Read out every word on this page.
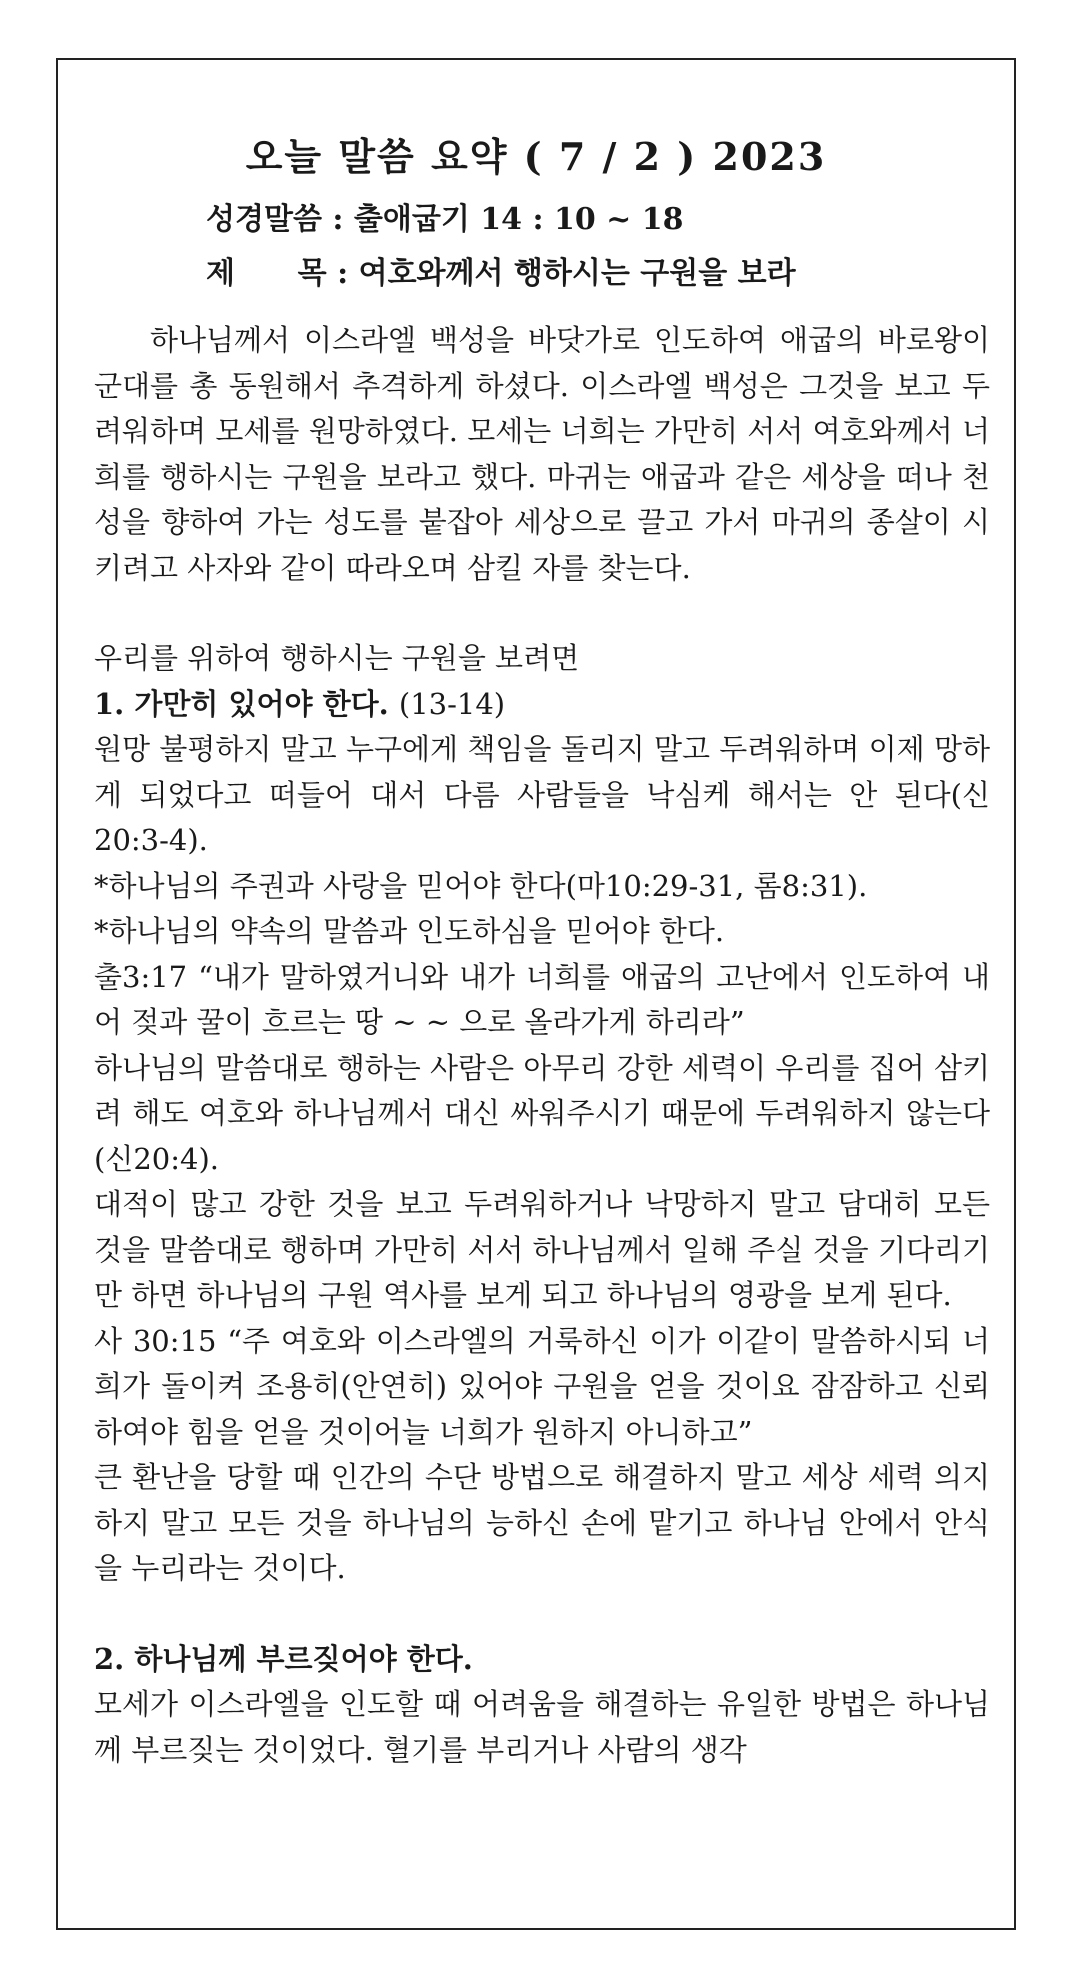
오늘 말씀 요약 ( 7 / 2 ) 2023
성경말씀 : 출애굽기 14 : 10 ~ 18
제      목 : 여호와께서 행하시는 구원을 보라

하나님께서 이스라엘 백성을 바닷가로 인도하여 애굽의 바로왕이 군대를 총 동원해서 추격하게 하셨다. 이스라엘 백성은 그것을 보고 두려워하며 모세를 원망하였다. 모세는 너희는 가만히 서서 여호와께서 너희를 행하시는 구원을 보라고 했다. 마귀는 애굽과 같은 세상을 떠나 천성을 향하여 가는 성도를 붙잡아 세상으로 끌고 가서 마귀의 종살이 시키려고 사자와 같이 따라오며 삼킬 자를 찾는다.

우리를 위하여 행하시는 구원을 보려면

1. 가만히 있어야 한다. (13-14)

원망 불평하지 말고 누구에게 책임을 돌리지 말고 두려워하며 이제 망하게 되었다고 떠들어 대서 다름 사람들을 낙심케 해서는 안 된다(신20:3-4).

*하나님의 주권과 사랑을 믿어야 한다(마10:29-31, 롬8:31).

*하나님의 약속의 말씀과 인도하심을 믿어야 한다.

출3:17 “내가 말하였거니와 내가 너희를 애굽의 고난에서 인도하여 내어 젖과 꿀이 흐르는 땅 ~ ~ 으로 올라가게 하리라”

하나님의 말씀대로 행하는 사람은 아무리 강한 세력이 우리를 집어 삼키려 해도 여호와 하나님께서 대신 싸워주시기 때문에 두려워하지 않는다(신20:4).

대적이 많고 강한 것을 보고 두려워하거나 낙망하지 말고 담대히 모든 것을 말씀대로 행하며 가만히 서서 하나님께서 일해 주실 것을 기다리기만 하면 하나님의 구원 역사를 보게 되고 하나님의 영광을 보게 된다.

사 30:15 “주 여호와 이스라엘의 거룩하신 이가 이같이 말씀하시되 너희가 돌이켜 조용히(안연히) 있어야 구원을 얻을 것이요 잠잠하고 신뢰하여야 힘을 얻을 것이어늘 너희가 원하지 아니하고”

큰 환난을 당할 때 인간의 수단 방법으로 해결하지 말고 세상 세력 의지하지 말고 모든 것을 하나님의 능하신 손에 맡기고 하나님 안에서 안식을 누리라는 것이다.

2. 하나님께 부르짖어야 한다.

모세가 이스라엘을 인도할 때 어려움을 해결하는 유일한 방법은 하나님께 부르짖는 것이었다. 혈기를 부리거나 사람의 생각
